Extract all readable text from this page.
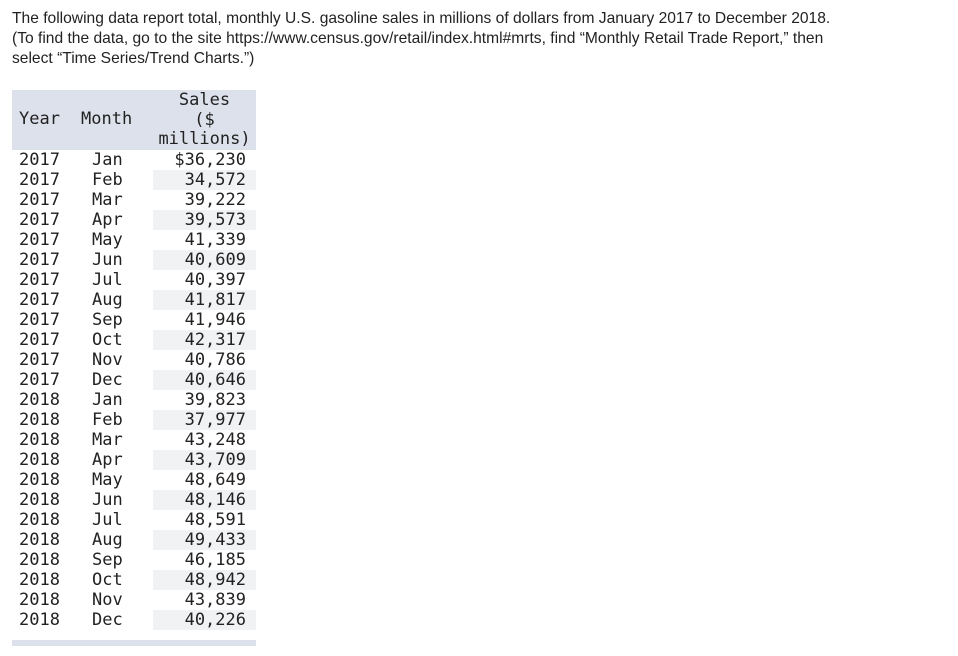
The following data report total, monthly U.S. gasoline sales in millions of dollars from January 2017 to December 2018.

(To find the data, go to the site https://www.census.gov/retail/index.html#mrts, find “Monthly Retail Trade Report,” then

select “Time Series/Trend Charts.”)

Year	Month	Sales
($
millions)

2017	Jan	$36,230
2017	Feb	34,572
2017	Mar	39,222
2017	Apr	39,573
2017	May	41,339
2017	Jun	40,609
2017	Jul	40,397
2017	Aug	41,817
2017	Sep	41,946
2017	Oct	42,317
2017	Nov	40,786
2017	Dec	40,646
2018	Jan	39,823
2018	Feb	37,977
2018	Mar	43,248
2018	Apr	43,709
2018	May	48,649
2018	Jun	48,146
2018	Jul	48,591
2018	Aug	49,433
2018	Sep	46,185
2018	Oct	48,942
2018	Nov	43,839
2018	Dec	40,226
